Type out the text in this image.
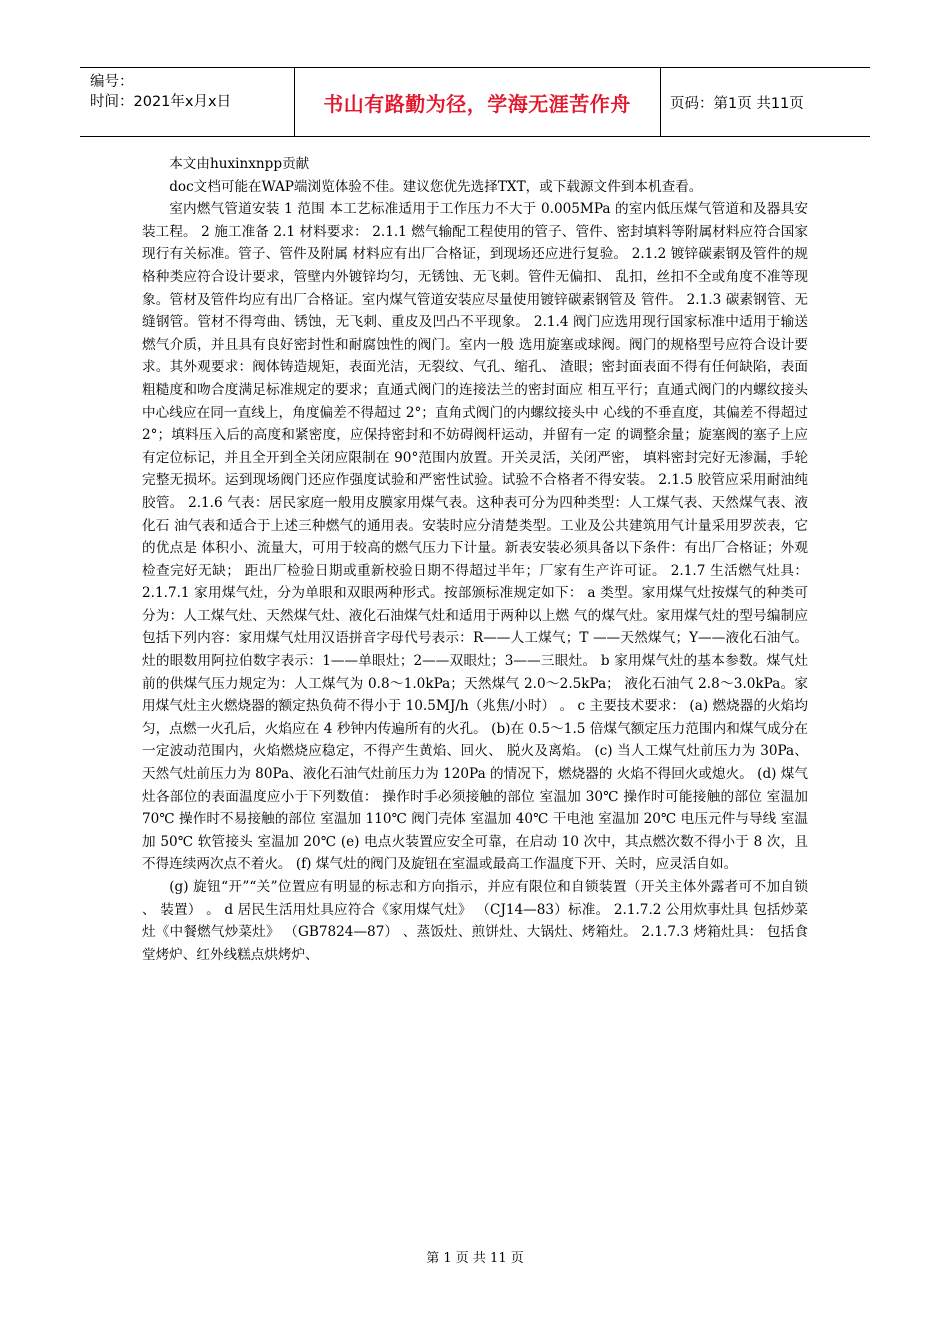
编号：
时间：2021年x月x日	书山有路勤为径，学海无涯苦作舟	页码：第1页 共11页

本文由huxinxnpp贡献

doc文档可能在WAP端浏览体验不佳。建议您优先选择TXT，或下载源文件到本机查看。

室内燃气管道安装 1 范围 本工艺标准适用于工作压力不大于 0.005MPa 的室内低压煤气管道和及器具安装工程。 2 施工准备 2.1 材料要求： 2.1.1 燃气输配工程使用的管子、管件、密封填料等附属材料应符合国家现行有关标准。管子、管件及附属 材料应有出厂合格证，到现场还应进行复验。 2.1.2 镀锌碳素钢及管件的规格种类应符合设计要求，管壁内外镀锌均匀，无锈蚀、无飞刺。管件无偏扣、 乱扣，丝扣不全或角度不准等现象。管材及管件均应有出厂合格证。室内煤气管道安装应尽量使用镀锌碳素钢管及 管件。 2.1.3 碳素钢管、无缝钢管。管材不得弯曲、锈蚀，无飞刺、重皮及凹凸不平现象。 2.1.4 阀门应选用现行国家标准中适用于输送燃气介质，并且具有良好密封性和耐腐蚀性的阀门。室内一般 选用旋塞或球阀。阀门的规格型号应符合设计要求。其外观要求：阀体铸造规矩，表面光洁，无裂纹、气孔、缩孔、 渣眼；密封面表面不得有任何缺陷，表面粗糙度和吻合度满足标准规定的要求；直通式阀门的连接法兰的密封面应 相互平行；直通式阀门的内螺纹接头中心线应在同一直线上，角度偏差不得超过 2°；直角式阀门的内螺纹接头中 心线的不垂直度，其偏差不得超过 2°；填料压入后的高度和紧密度，应保持密封和不妨碍阀杆运动，并留有一定 的调整余量；旋塞阀的塞子上应有定位标记，并且全开到全关闭应限制在 90°范围内放置。开关灵活，关闭严密， 填料密封完好无渗漏，手轮完整无损坏。运到现场阀门还应作强度试验和严密性试验。试验不合格者不得安装。 2.1.5 胶管应采用耐油纯胶管。 2.1.6 气表：居民家庭一般用皮膜家用煤气表。这种表可分为四种类型：人工煤气表、天然煤气表、液化石 油气表和适合于上述三种燃气的通用表。安装时应分清楚类型。工业及公共建筑用气计量采用罗茨表，它的优点是 体积小、流量大，可用于较高的燃气压力下计量。新表安装必须具备以下条件：有出厂合格证；外观检查完好无缺； 距出厂检验日期或重新校验日期不得超过半年；厂家有生产许可证。 2.1.7 生活燃气灶具： 2.1.7.1 家用煤气灶，分为单眼和双眼两种形式。按部颁标准规定如下： a 类型。家用煤气灶按煤气的种类可分为：人工煤气灶、天然煤气灶、液化石油煤气灶和适用于两种以上燃 气的煤气灶。家用煤气灶的型号编制应包括下列内容：家用煤气灶用汉语拼音字母代号表示：R——人工煤气；T ——天然煤气；Y——液化石油气。灶的眼数用阿拉伯数字表示：1——单眼灶；2——双眼灶；3——三眼灶。 b 家用煤气灶的基本参数。煤气灶前的供煤气压力规定为：人工煤气为 0.8～1.0kPa；天然煤气 2.0～2.5kPa； 液化石油气 2.8～3.0kPa。家用煤气灶主火燃烧器的额定热负荷不得小于 10.5MJ/h（兆焦/小时） 。 c 主要技术要求： (a) 燃烧器的火焰均匀，点燃一火孔后，火焰应在 4 秒钟内传遍所有的火孔。 (b)在 0.5～1.5 倍煤气额定压力范围内和煤气成分在一定波动范围内，火焰燃烧应稳定，不得产生黄焰、回火、 脱火及离焰。 (c) 当人工煤气灶前压力为 30Pa、天然气灶前压力为 80Pa、液化石油气灶前压力为 120Pa 的情况下，燃烧器的 火焰不得回火或熄火。 (d) 煤气灶各部位的表面温度应小于下列数值： 操作时手必须接触的部位 室温加 30℃ 操作时可能接触的部位 室温加 70℃ 操作时不易接触的部位 室温加 110℃ 阀门壳体 室温加 40℃ 干电池 室温加 20℃ 电压元件与导线 室温加 50℃ 软管接头 室温加 20℃ (e) 电点火装置应安全可靠，在启动 10 次中，其点燃次数不得小于 8 次，且不得连续两次点不着火。 (f) 煤气灶的阀门及旋钮在室温或最高工作温度下开、关时，应灵活自如。

(g) 旋钮“开”“关”位置应有明显的标志和方向指示，并应有限位和自锁装置（开关主体外露者可不加自锁 、 装置） 。 d 居民生活用灶具应符合《家用煤气灶》 （CJ14—83）标准。 2.1.7.2 公用炊事灶具 包括炒菜灶《中餐燃气炒菜灶》 （GB7824—87） 、蒸饭灶、煎饼灶、大锅灶、烤箱灶。 2.1.7.3 烤箱灶具： 包括食堂烤炉、红外线糕点烘烤炉、

第 1 页 共 11 页
